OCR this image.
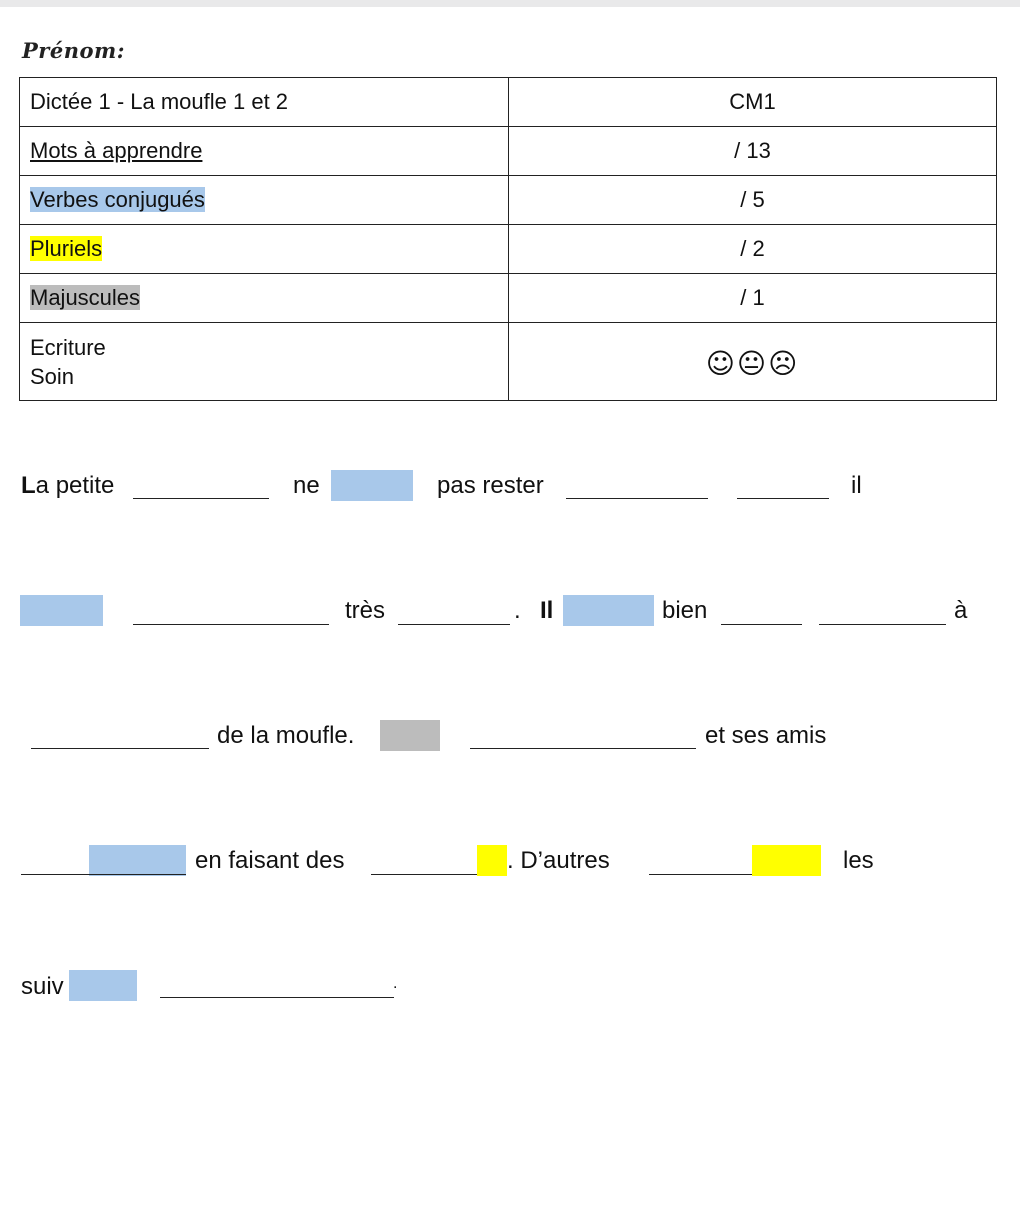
Prénom:
Dictée 1 - La moufle 1 et 2	CM1
Mots à apprendre	/ 13
Verbes conjugués	/ 5
Pluriels	/ 2
Majuscules	/ 1

Ecriture
Soin	☺😐☹
La petite	ne	pas rester	il
très	. Il	bien	à
de la moufle.	et ses amis
en faisant des	. D’autres	les
suiv	.
